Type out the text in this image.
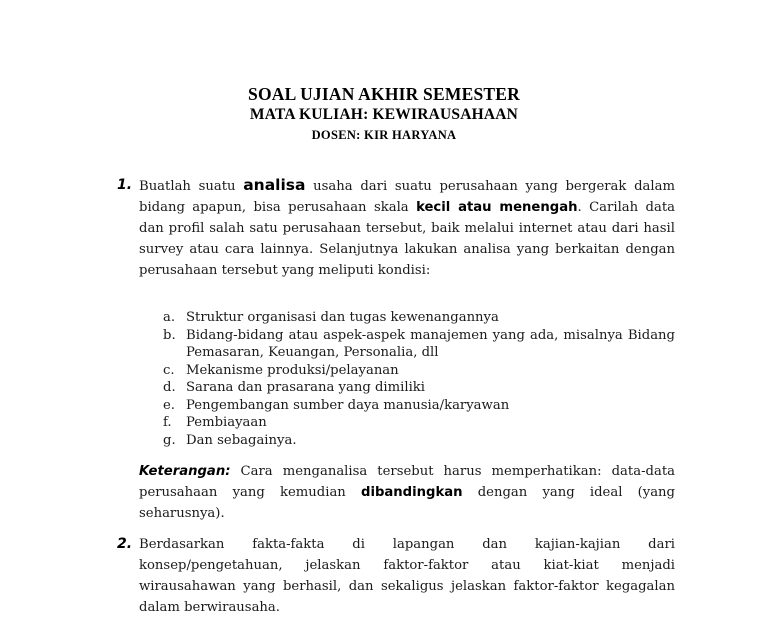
SOAL UJIAN AKHIR SEMESTER
MATA KULIAH: KEWIRAUSAHAAN
DOSEN: KIR HARYANA
1. Buatlah suatu analisa usaha dari suatu perusahaan yang bergerak dalam bidang apapun, bisa perusahaan skala kecil atau menengah. Carilah data dan profil salah satu perusahaan tersebut, baik melalui internet atau dari hasil survey atau cara lainnya. Selanjutnya lakukan analisa yang berkaitan dengan perusahaan tersebut yang meliputi kondisi:
a. Struktur organisasi dan tugas kewenangannya
b. Bidang-bidang atau aspek-aspek manajemen yang ada, misalnya Bidang Pemasaran, Keuangan, Personalia, dll
c. Mekanisme produksi/pelayanan
d. Sarana dan prasarana yang dimiliki
e. Pengembangan sumber daya manusia/karyawan
f. Pembiayaan
g. Dan sebagainya.
Keterangan: Cara menganalisa tersebut harus memperhatikan: data-data perusahaan yang kemudian dibandingkan dengan yang ideal (yang seharusnya).
2. Berdasarkan fakta-fakta di lapangan dan kajian-kajian dari konsep/pengetahuan, jelaskan faktor-faktor atau kiat-kiat menjadi wirausahawan yang berhasil, dan sekaligus jelaskan faktor-faktor kegagalan dalam berwirausaha.
